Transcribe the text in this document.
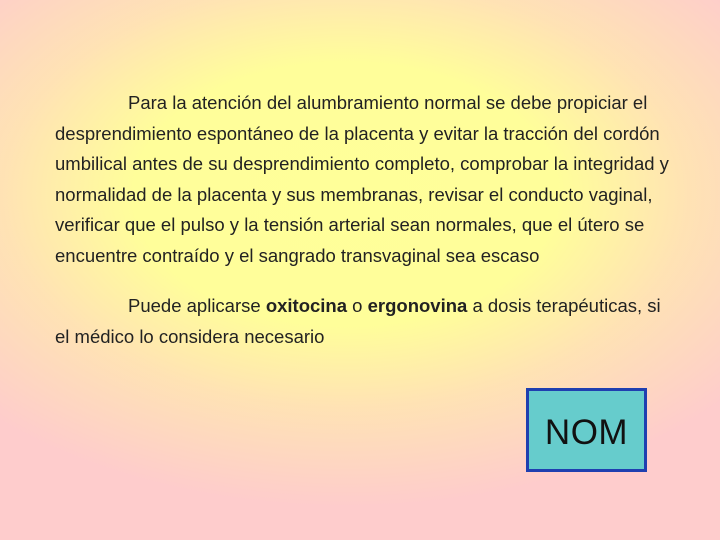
Para la atención del alumbramiento normal se debe propiciar el desprendimiento espontáneo de la placenta y evitar la tracción del cordón umbilical antes de su desprendimiento completo, comprobar la integridad y normalidad de la placenta y sus membranas, revisar el conducto vaginal, verificar que el pulso y la tensión arterial sean normales, que el útero se encuentre contraído y el sangrado transvaginal sea escaso

Puede aplicarse oxitocina o ergonovina a dosis terapéuticas, si el médico lo considera necesario

NOM
